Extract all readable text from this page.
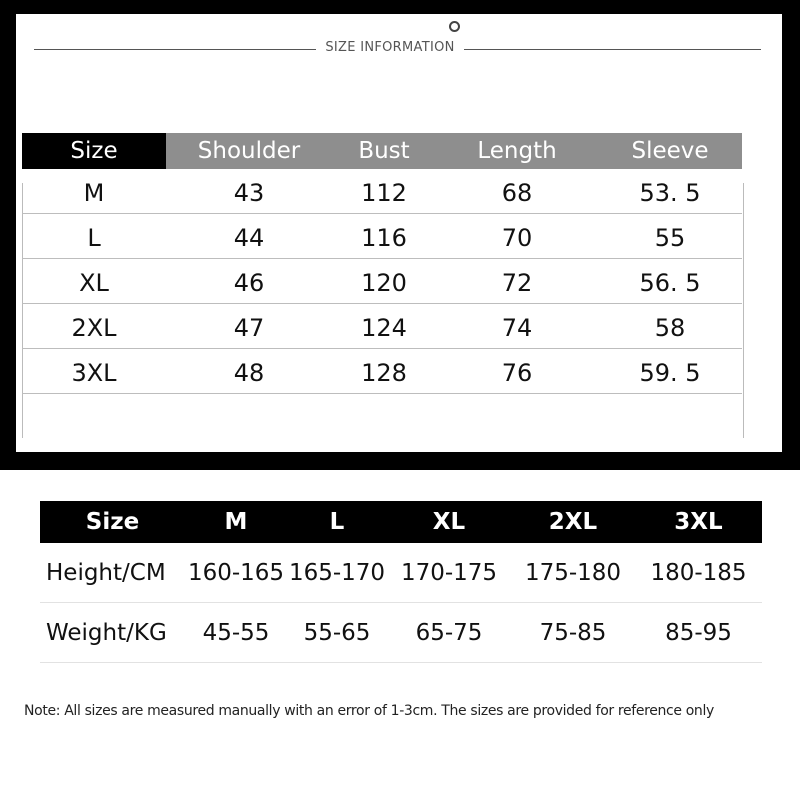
SIZE INFORMATION
Size	Shoulder	Bust	Length	Sleeve
M	43	112	68	53. 5
L	44	116	70	55
XL	46	120	72	56. 5
2XL	47	124	74	58
3XL	48	128	76	59. 5
Size	M	L	XL	2XL	3XL
Height/CM 160-165 165-170 170-175	175-180	180-185
Weight/KG	45-55	55-65	65-75	75-85	85-95
Note: All sizes are measured manually with an error of 1-3cm. The sizes are provided for reference only
